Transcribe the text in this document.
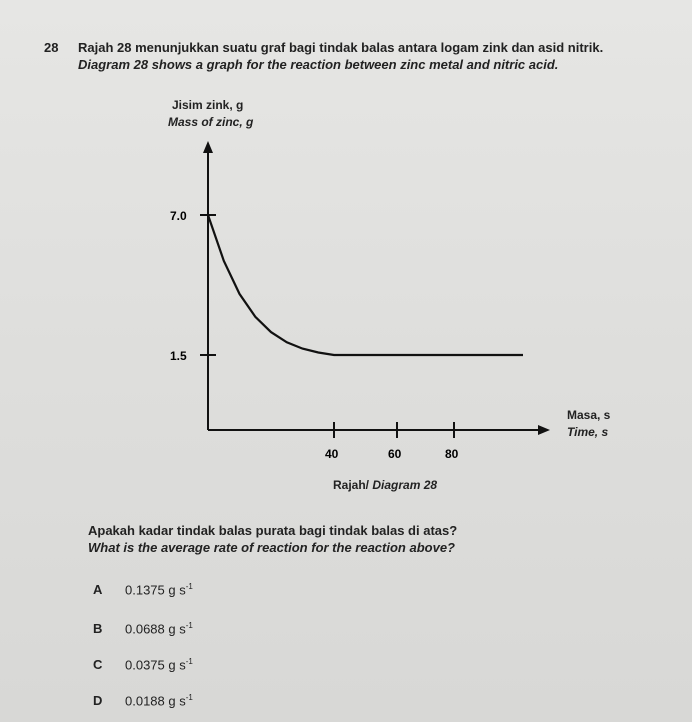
28 Rajah 28 menunjukkan suatu graf bagi tindak balas antara logam zink dan asid nitrik.
Diagram 28 shows a graph for the reaction between zinc metal and nitric acid.
Jisim zink, g
Mass of zinc, g
7.0
1.5
40	60	80
Masa, s
Time, s
Rajah/ Diagram 28
Apakah kadar tindak balas purata bagi tindak balas di atas?
What is the average rate of reaction for the reaction above?
A 0.1375 g $s^{-1}$
B 0.0688 g $s^{-1}$
C 0.0375 g $s^{-1}$
D 0.0188 g $s^{-1}$
